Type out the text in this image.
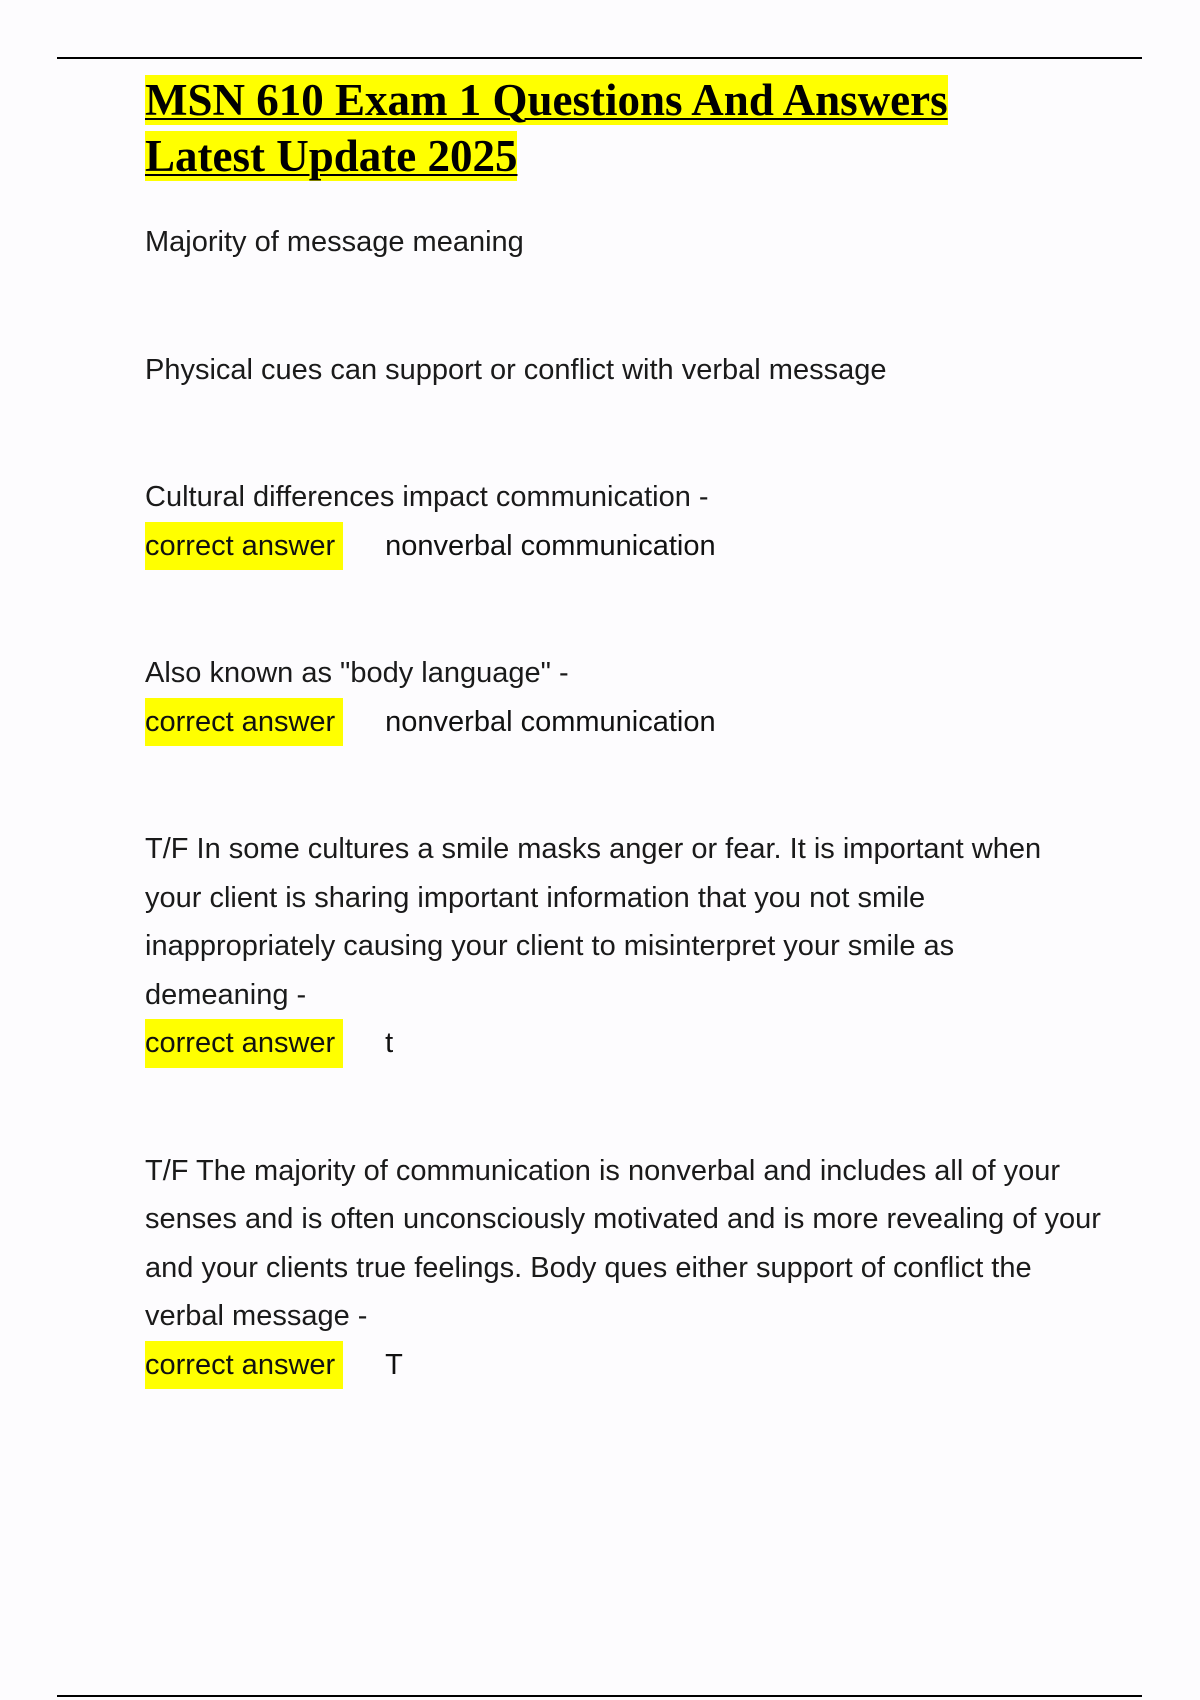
MSN 610 Exam 1 Questions And Answers
Latest Update 2025

Majority of message meaning

Physical cues can support or conflict with verbal message

Cultural differences impact communication -

correct answer nonverbal communication

Also known as "body language" -

correct answer nonverbal communication

T/F In some cultures a smile masks anger or fear. It is important when your client is sharing important information that you not smile inappropriately causing your client to misinterpret your smile as demeaning -

correct answer t

T/F The majority of communication is nonverbal and includes all of your senses and is often unconsciously motivated and is more revealing of your and your clients true feelings. Body ques either support of conflict the verbal message -

correct answer T
